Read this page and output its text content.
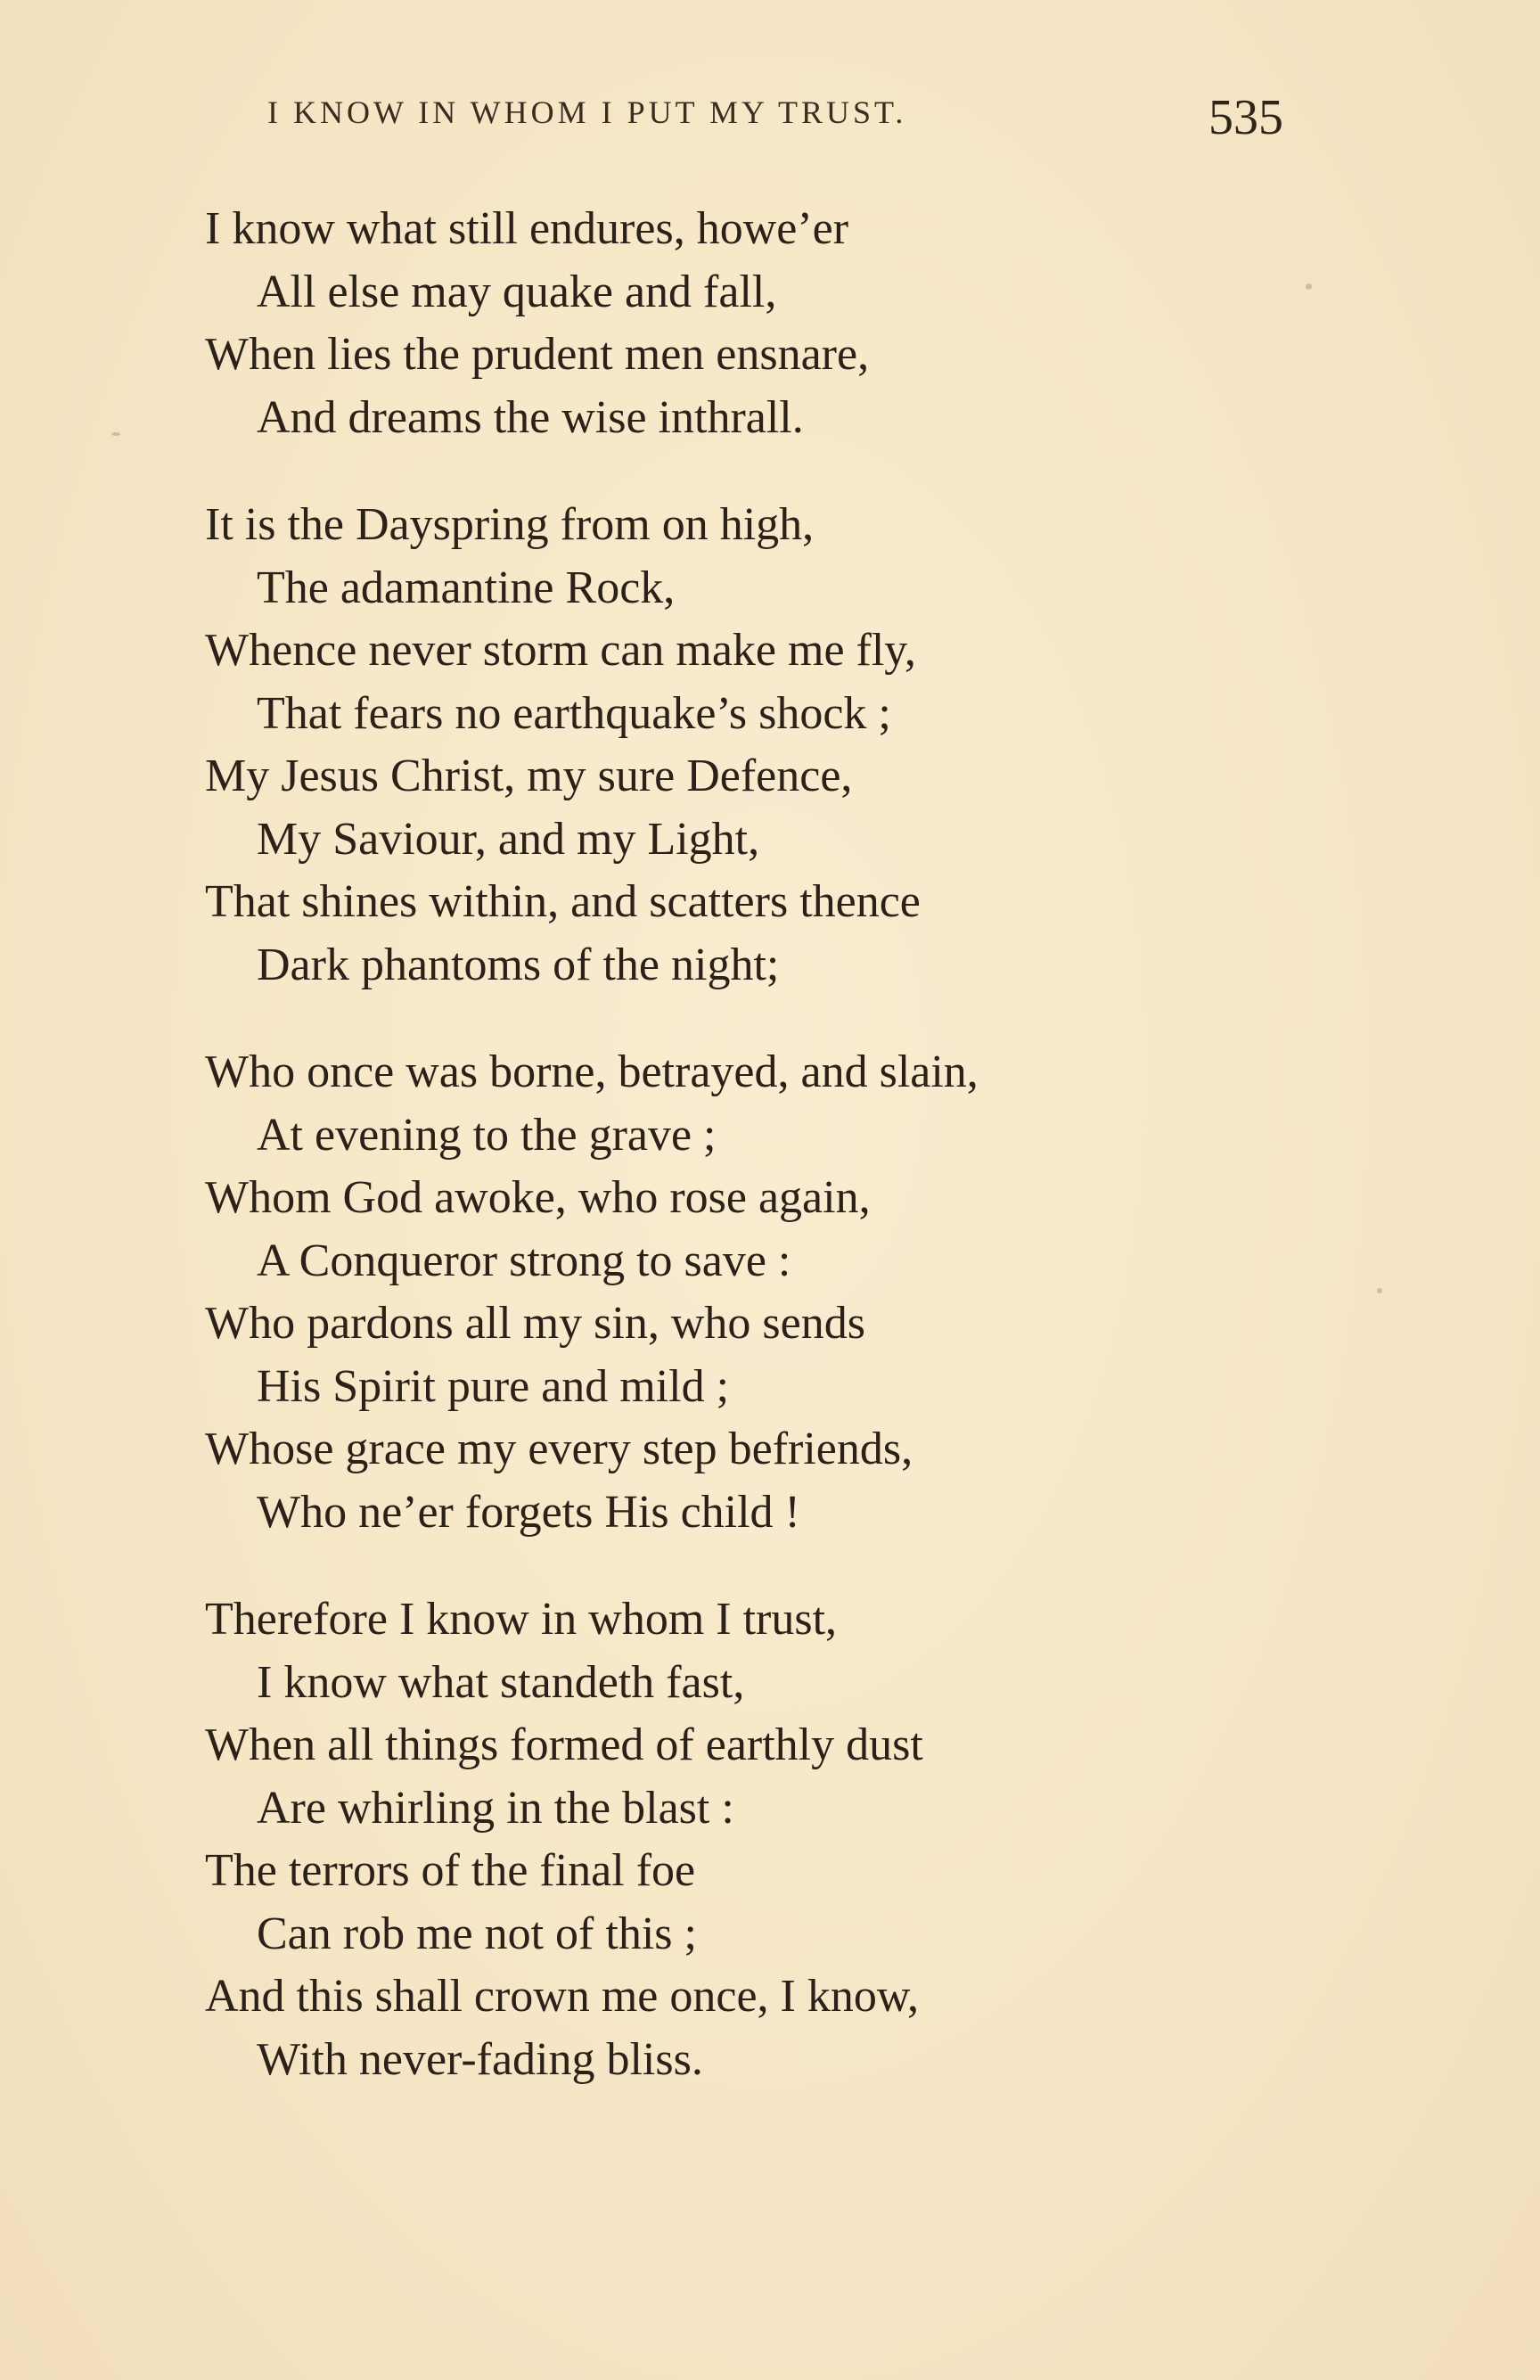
I KNOW IN WHOM I PUT MY TRUST.	535
I know what still endures, howe’er
All else may quake and fall,
When lies the prudent men ensnare,
And dreams the wise inthrall.
It is the Dayspring from on high,
The adamantine Rock,
Whence never storm can make me fly,
That fears no earthquake’s shock ;
My Jesus Christ, my sure Defence,
My Saviour, and my Light,
That shines within, and scatters thence
Dark phantoms of the night;
Who once was borne, betrayed, and slain,
At evening to the grave ;
Whom God awoke, who rose again,
A Conqueror strong to save :
Who pardons all my sin, who sends
His Spirit pure and mild ;
Whose grace my every step befriends,
Who ne’er forgets His child !
Therefore I know in whom I trust,
I know what standeth fast,
When all things formed of earthly dust
Are whirling in the blast :
The terrors of the final foe
Can rob me not of this ;
And this shall crown me once, I know,
With never-fading bliss.
